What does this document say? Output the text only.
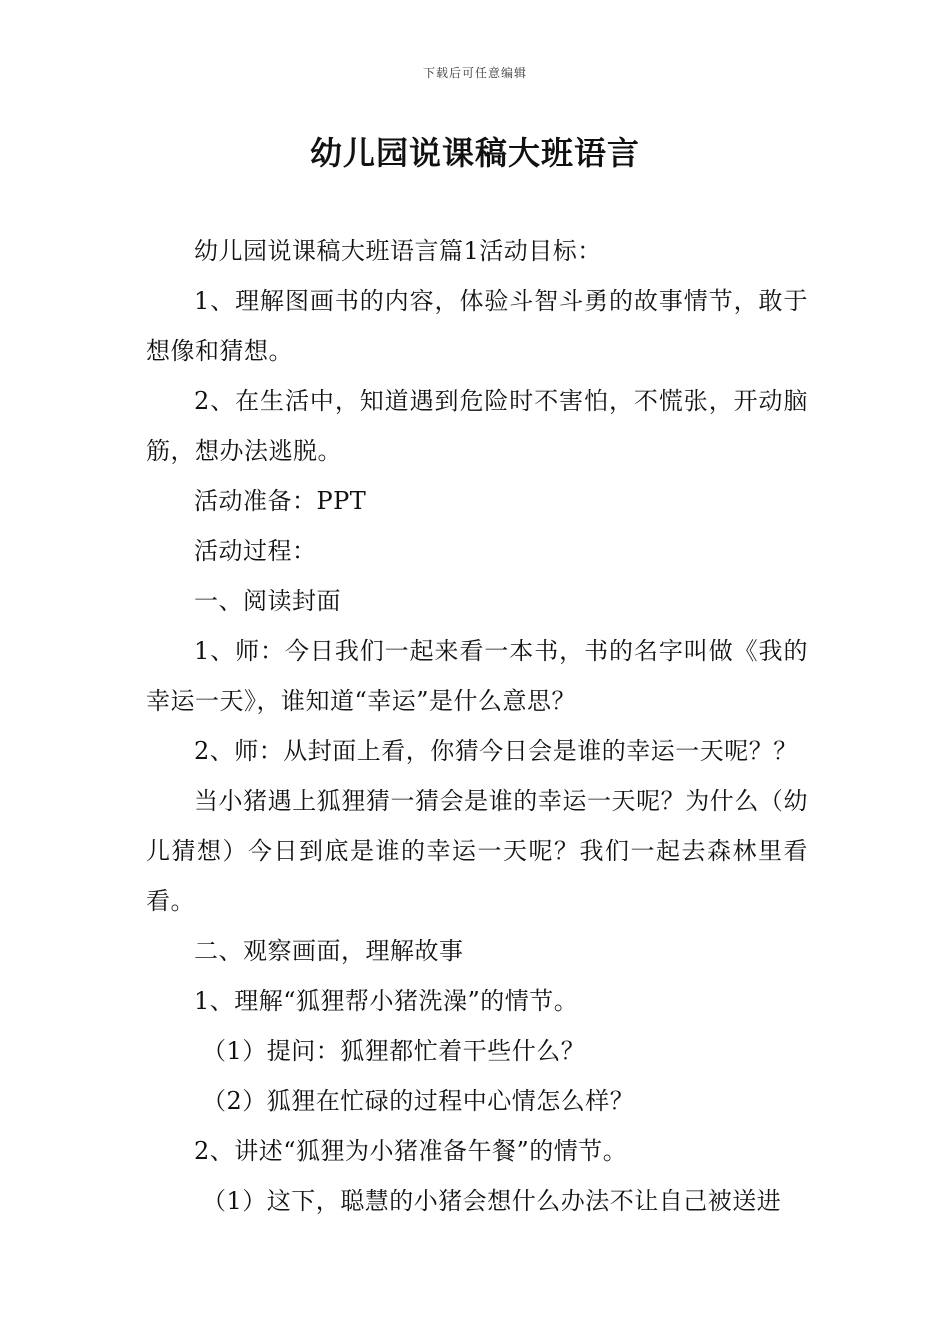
下载后可任意编辑
幼儿园说课稿大班语言

幼儿园说课稿大班语言篇1活动目标：

1、理解图画书的内容，体验斗智斗勇的故事情节，敢于想像和猜想。

2、在生活中，知道遇到危险时不害怕，不慌张，开动脑筋，想办法逃脱。

活动准备：PPT

活动过程：

一、阅读封面

1、师：今日我们一起来看一本书，书的名字叫做《我的幸运一天》，谁知道“幸运”是什么意思？

2、师：从封面上看，你猜今日会是谁的幸运一天呢？？

当小猪遇上狐狸猜一猜会是谁的幸运一天呢？为什么（幼儿猜想）今日到底是谁的幸运一天呢？我们一起去森林里看看。

二、观察画面，理解故事

1、理解“狐狸帮小猪洗澡”的情节。

（1）提问：狐狸都忙着干些什么？

（2）狐狸在忙碌的过程中心情怎么样？

2、讲述“狐狸为小猪准备午餐”的情节。

（1）这下，聪慧的小猪会想什么办法不让自己被送进
